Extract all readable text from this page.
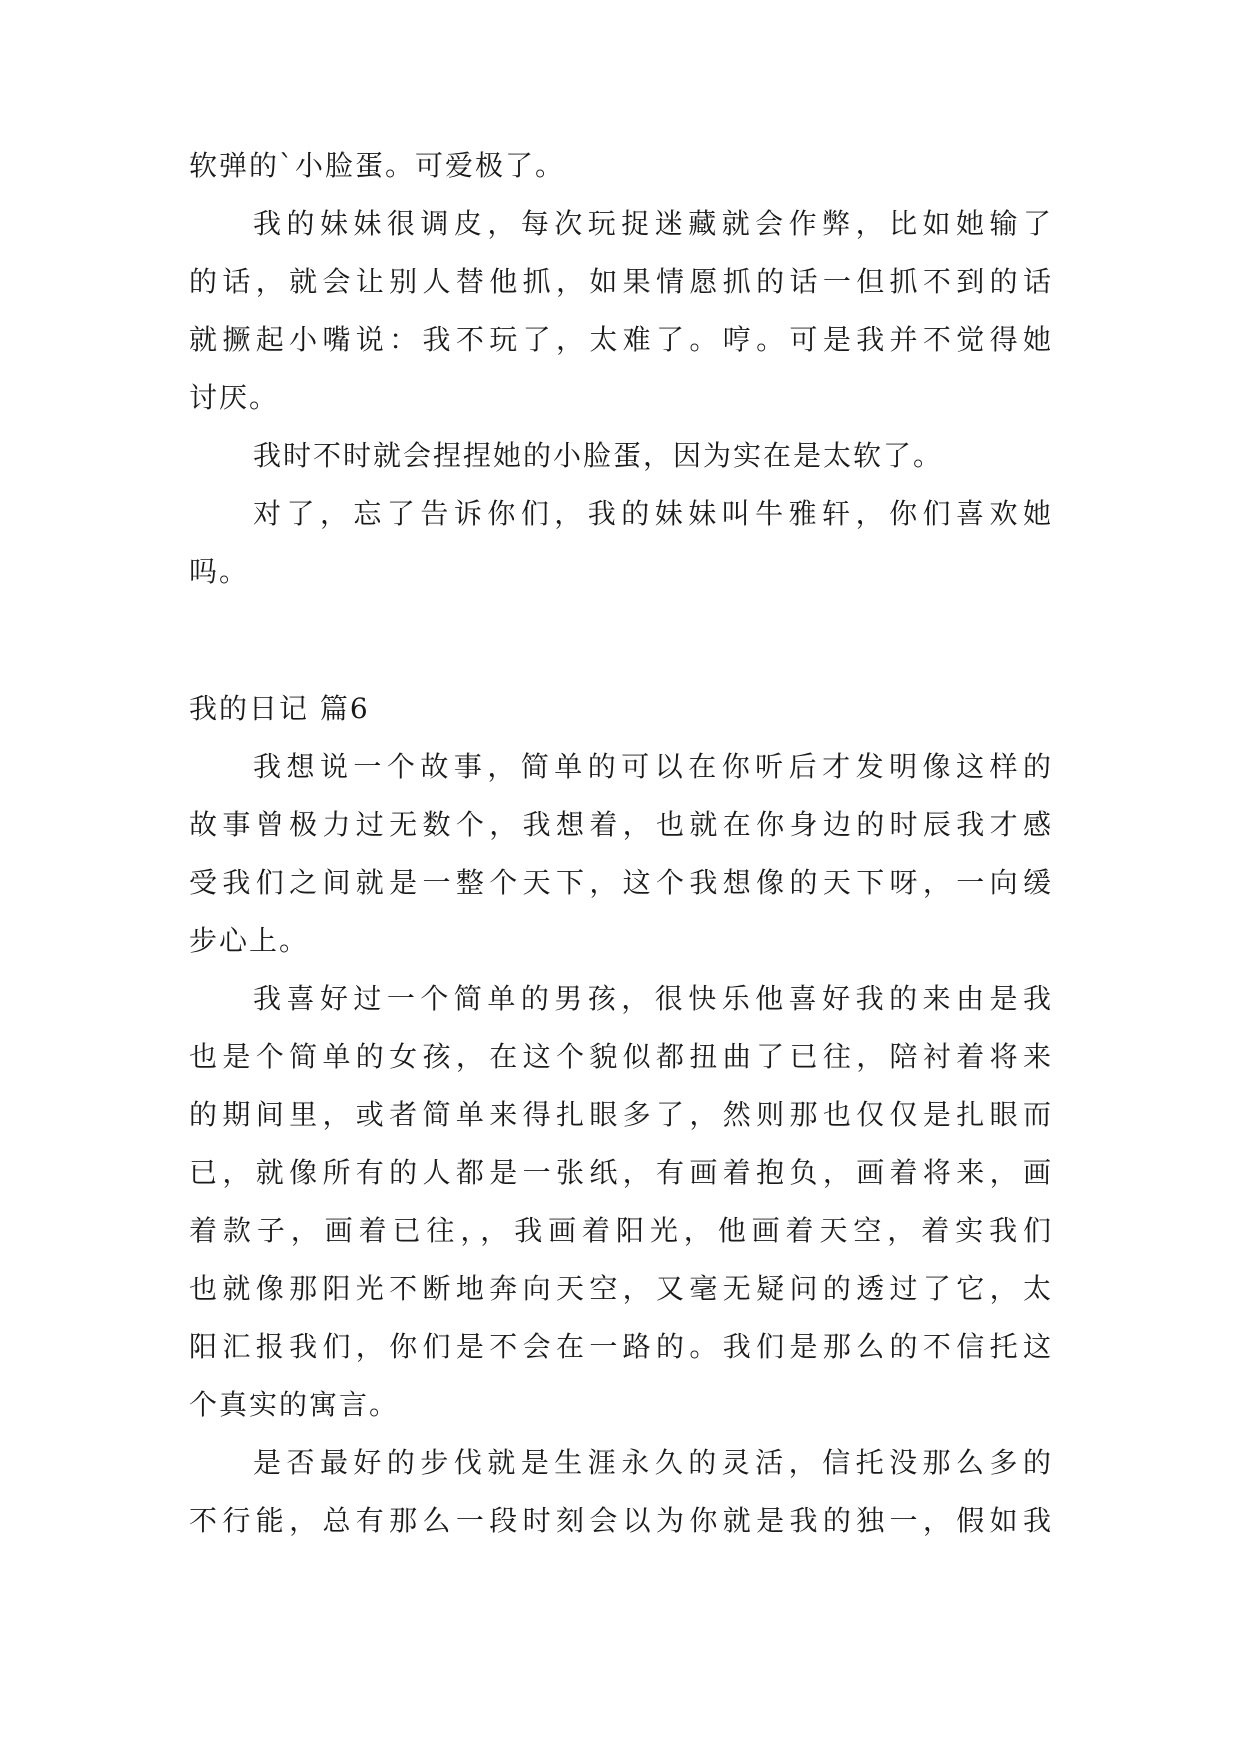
软弹的`小脸蛋。可爱极了。
我的妹妹很调皮，每次玩捉迷藏就会作弊，比如她输了
的话，就会让别人替他抓，如果情愿抓的话一但抓不到的话
就撅起小嘴说：我不玩了，太难了。哼。可是我并不觉得她
讨厌。
我时不时就会捏捏她的小脸蛋，因为实在是太软了。
对了，忘了告诉你们，我的妹妹叫牛雅轩，你们喜欢她
吗。
我的日记 篇6
我想说一个故事，简单的可以在你听后才发明像这样的
故事曾极力过无数个，我想着，也就在你身边的时辰我才感
受我们之间就是一整个天下，这个我想像的天下呀，一向缓
步心上。
我喜好过一个简单的男孩，很快乐他喜好我的来由是我
也是个简单的女孩，在这个貌似都扭曲了已往，陪衬着将来
的期间里，或者简单来得扎眼多了，然则那也仅仅是扎眼而
已，就像所有的人都是一张纸，有画着抱负，画着将来，画
着款子，画着已往，，我画着阳光，他画着天空，着实我们
也就像那阳光不断地奔向天空，又毫无疑问的透过了它，太
阳汇报我们，你们是不会在一路的。我们是那么的不信托这
个真实的寓言。
是否最好的步伐就是生涯永久的灵活，信托没那么多的
不行能，总有那么一段时刻会以为你就是我的独一，假如我
